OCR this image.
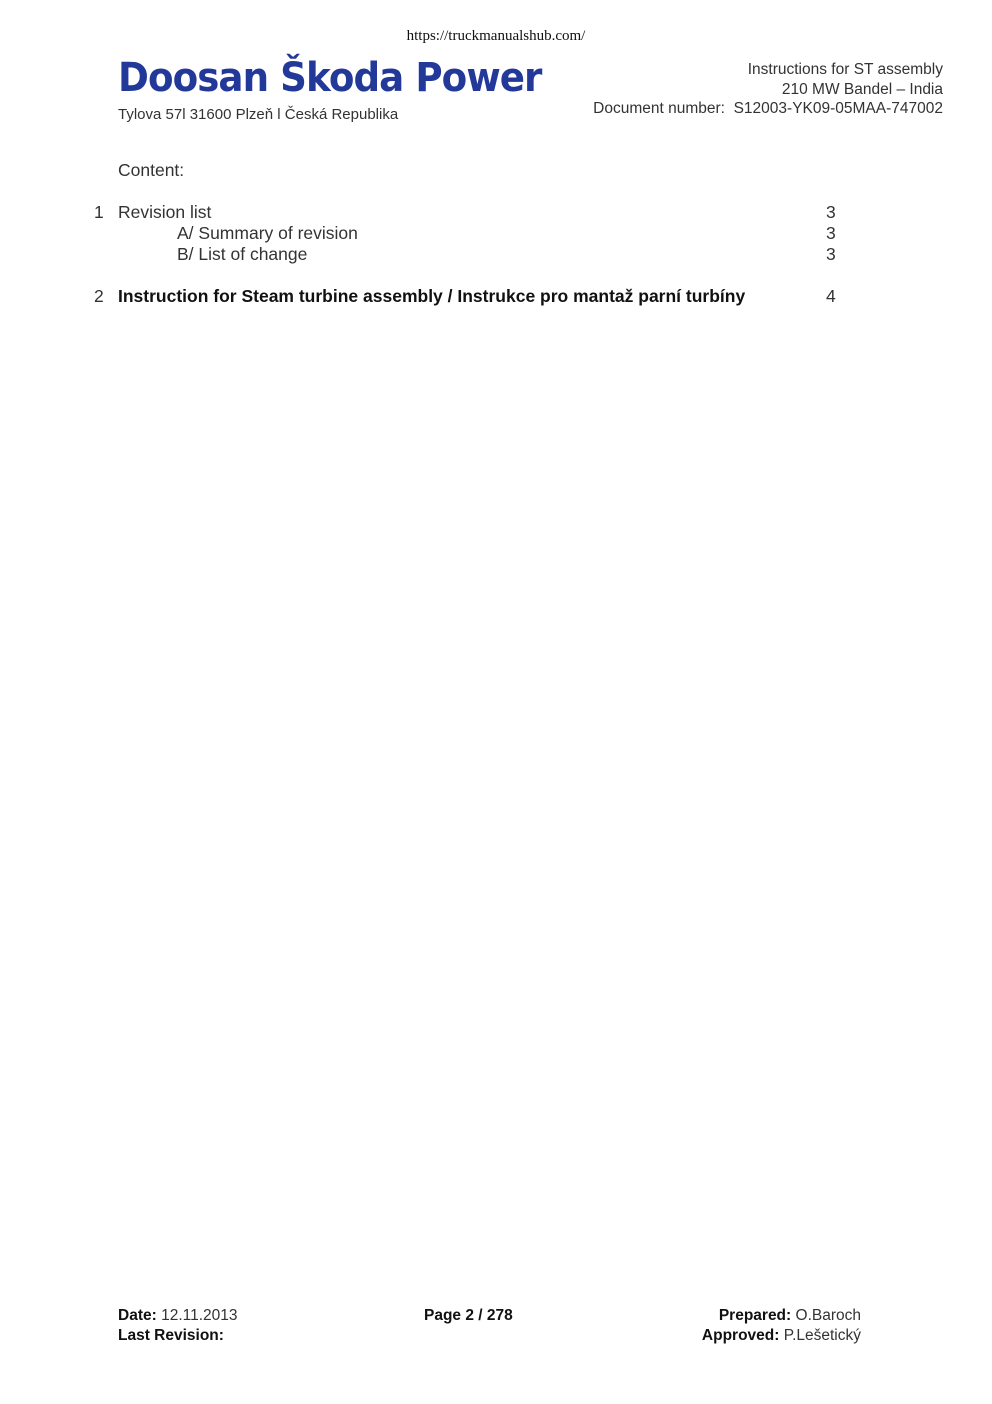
https://truckmanualshub.com/
Doosan Škoda Power
Tylova 57l 31600 Plzeň l Česká Republika
Instructions for ST assembly
210 MW Bandel – India
Document number: S12003-YK09-05MAA-747002
Content:
1 Revision list	3
A/ Summary of revision	3
B/ List of change	3
2 Instruction for Steam turbine assembly / Instrukce pro mantaž parní turbíny	4
Date: 12.11.2013
Last Revision:
Page 2 / 278	Prepared: O.Baroch
Approved: P.Lešetický
